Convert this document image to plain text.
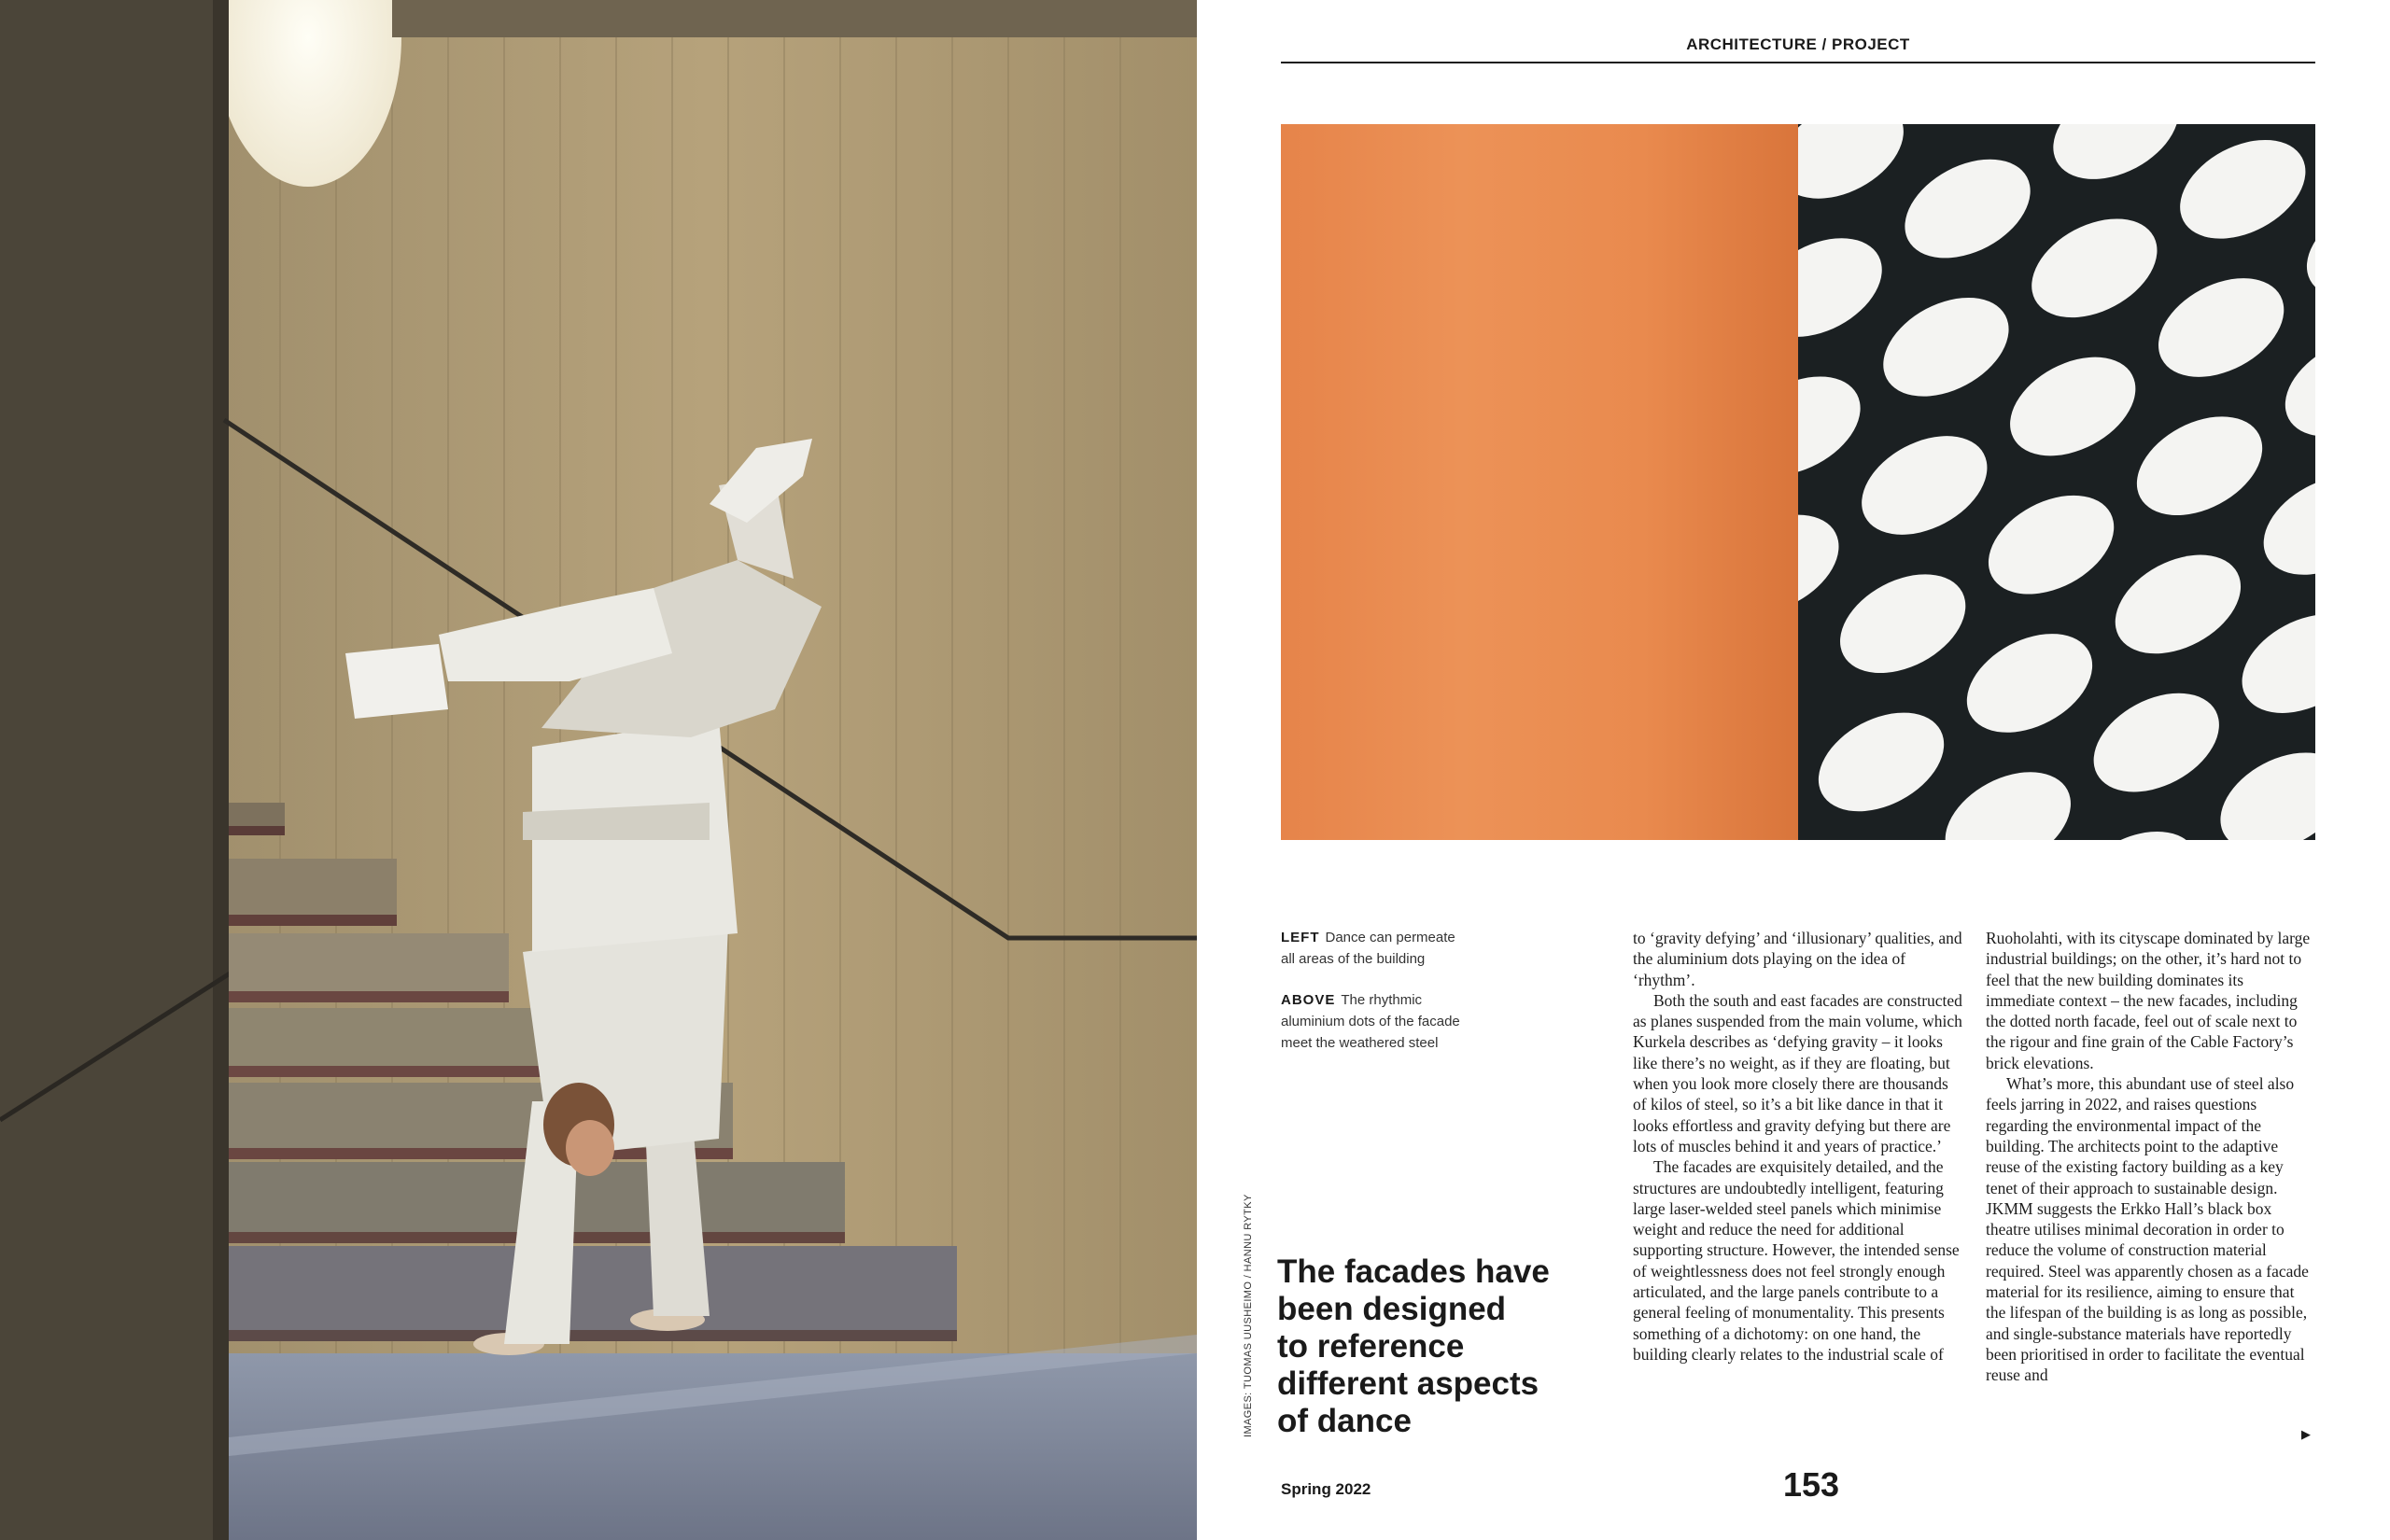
ARCHITECTURE / PROJECT
LEFT Dance can permeate
all areas of the building
ABOVE The rhythmic
aluminium dots of the facade
meet the weathered steel
IMAGES: TUOMAS UUSHEIMO / HANNU RYTKY The facades have
been designed
to reference
different aspects
of dance

to ‘gravity defying’ and ‘illusionary’ qualities, and the aluminium dots playing on the idea of ‘rhythm’.

Both the south and east facades are constructed as planes suspended from the main volume, which Kurkela describes as ‘defying gravity – it looks like there’s no weight, as if they are floating, but when you look more closely there are thousands of kilos of steel, so it’s a bit like dance in that it looks effortless and gravity defying but there are lots of muscles behind it and years of practice.’

The facades are exquisitely detailed, and the structures are undoubtedly intelligent, featuring large laser-welded steel panels which minimise weight and reduce the need for additional supporting structure. However, the intended sense of weightlessness does not feel strongly enough articulated, and the large panels contribute to a general feeling of monumentality. This presents something of a dichotomy: on one hand, the building clearly relates to the industrial scale of

Ruoholahti, with its cityscape dominated by large industrial buildings; on the other, it’s hard not to feel that the new building dominates its immediate context – the new facades, including the dotted north facade, feel out of scale next to the rigour and fine grain of the Cable Factory’s brick elevations.

What’s more, this abundant use of steel also feels jarring in 2022, and raises questions regarding the environmental impact of the building. The architects point to the adaptive reuse of the existing factory building as a key tenet of their approach to sustainable design. JKMM suggests the Erkko Hall’s black box theatre utilises minimal decoration in order to reduce the volume of construction material required. Steel was apparently chosen as a facade material for its resilience, aiming to ensure that the lifespan of the building is as long as possible, and single-substance materials have reportedly been prioritised in order to facilitate the eventual reuse and

▶
Spring 2022	153
